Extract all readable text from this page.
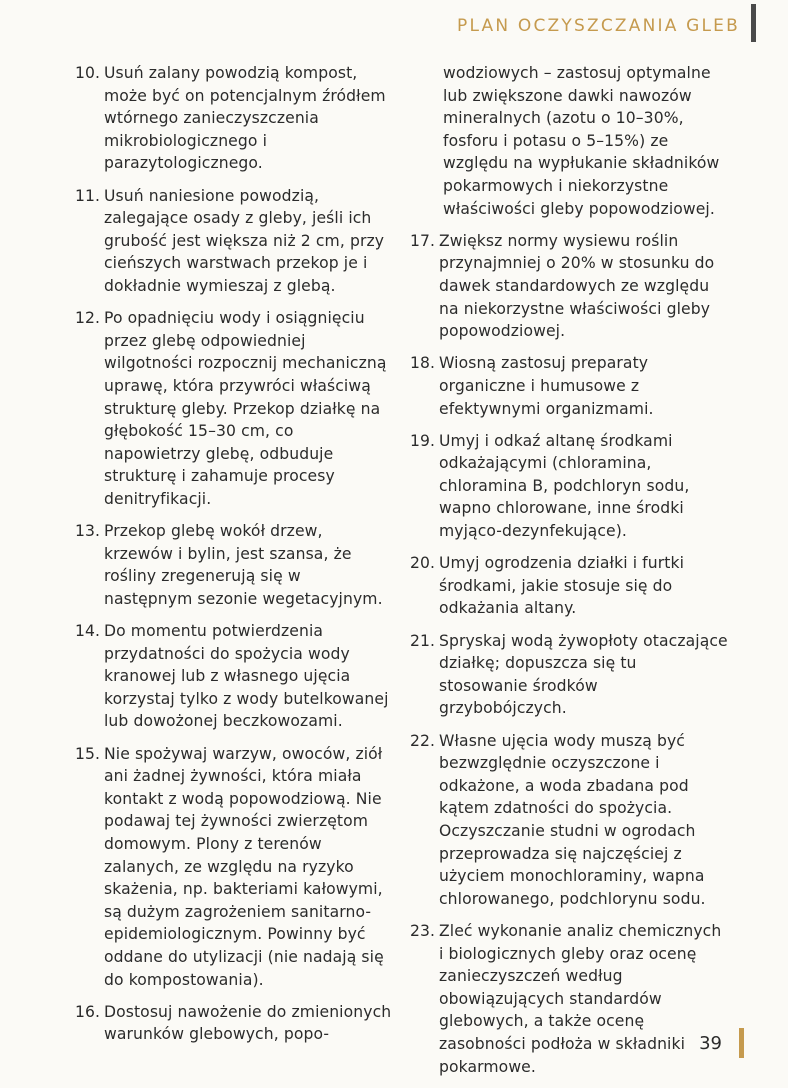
PLAN OCZYSZCZANIA GLEB
10. Usuń zalany powodzią kompost, może być on potencjalnym źródłem wtórnego zanieczyszczenia mikrobiologicznego i parazytologicznego.
11. Usuń naniesione powodzią, zalegające osady z gleby, jeśli ich grubość jest większa niż 2 cm, przy cieńszych warstwach przekop je i dokładnie wymieszaj z glebą.
12. Po opadnięciu wody i osiągnięciu przez glebę odpowiedniej wilgotności rozpocznij mechaniczną uprawę, która przywróci właściwą strukturę gleby. Przekop działkę na głębokość 15–30 cm, co napowietrzy glebę, odbuduje strukturę i zahamuje procesy denitryfikacji.
13. Przekop glebę wokół drzew, krzewów i bylin, jest szansa, że rośliny zregenerują się w następnym sezonie wegetacyjnym.
14. Do momentu potwierdzenia przydatności do spożycia wody kranowej lub z własnego ujęcia korzystaj tylko z wody butelkowanej lub dowożonej beczkowozami.
15. Nie spożywaj warzyw, owoców, ziół ani żadnej żywności, która miała kontakt z wodą popowodziową. Nie podawaj tej żywności zwierzętom domowym. Plony z terenów zalanych, ze względu na ryzyko skażenia, np. bakteriami kałowymi, są dużym zagrożeniem sanitarno-epidemiologicznym. Powinny być oddane do utylizacji (nie nadają się do kompostowania).
16. Dostosuj nawożenie do zmienionych warunków glebowych, popo-
wodziowych – zastosuj optymalne lub zwiększone dawki nawozów mineralnych (azotu o 10–30%, fosforu i potasu o 5–15%) ze względu na wypłukanie składników pokarmowych i niekorzystne właściwości gleby popowodziowej.
17. Zwiększ normy wysiewu roślin przynajmniej o 20% w stosunku do dawek standardowych ze względu na niekorzystne właściwości gleby popowodziowej.
18. Wiosną zastosuj preparaty organiczne i humusowe z efektywnymi organizmami.
19. Umyj i odkaź altanę środkami odkażającymi (chloramina, chloramina B, podchloryn sodu, wapno chlorowane, inne środki myjąco-dezynfekujące).
20. Umyj ogrodzenia działki i furtki środkami, jakie stosuje się do odkażania altany.
21. Spryskaj wodą żywopłoty otaczające działkę; dopuszcza się tu stosowanie środków grzybobójczych.
22. Własne ujęcia wody muszą być bezwzględnie oczyszczone i odkażone, a woda zbadana pod kątem zdatności do spożycia. Oczyszczanie studni w ogrodach przeprowadza się najczęściej z użyciem monochloraminy, wapna chlorowanego, podchlorynu sodu.
23. Zleć wykonanie analiz chemicznych i biologicznych gleby oraz ocenę zanieczyszczeń według obowiązujących standardów glebowych, a także ocenę zasobności podłoża w składniki pokarmowe.
39
